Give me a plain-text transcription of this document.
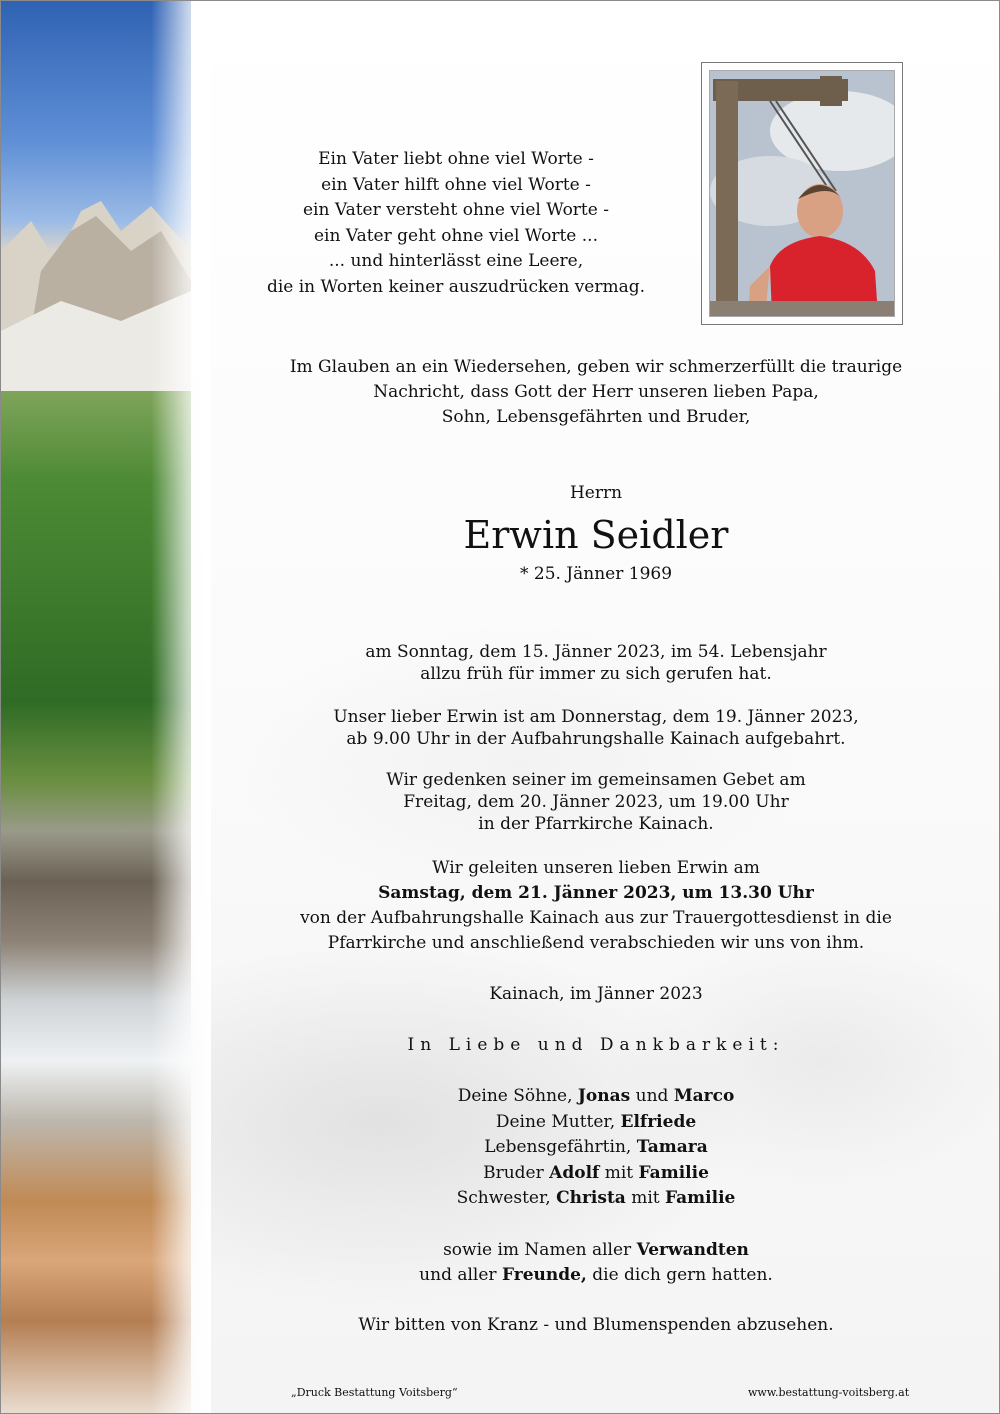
Ein Vater liebt ohne viel Worte -
ein Vater hilft ohne viel Worte -
ein Vater versteht ohne viel Worte -
ein Vater geht ohne viel Worte ...
... und hinterlässt eine Leere,
die in Worten keiner auszudrücken vermag.
Im Glauben an ein Wiedersehen, geben wir schmerzerfüllt die traurige
Nachricht, dass Gott der Herr unseren lieben Papa,
Sohn, Lebensgefährten und Bruder,
Herrn
Erwin Seidler
* 25. Jänner 1969
am Sonntag, dem 15. Jänner 2023, im 54. Lebensjahr
allzu früh für immer zu sich gerufen hat.
Unser lieber Erwin ist am Donnerstag, dem 19. Jänner 2023,
ab 9.00 Uhr in der Aufbahrungshalle Kainach aufgebahrt.
Wir gedenken seiner im gemeinsamen Gebet am
Freitag, dem 20. Jänner 2023, um 19.00 Uhr
in der Pfarrkirche Kainach.
Wir geleiten unseren lieben Erwin am
Samstag, dem 21. Jänner 2023, um 13.30 Uhr
von der Aufbahrungshalle Kainach aus zur Trauergottesdienst in die
Pfarrkirche und anschließend verabschieden wir uns von ihm.
Kainach, im Jänner 2023
In Liebe und Dankbarkeit:
Deine Söhne, Jonas und Marco
Deine Mutter, Elfriede
Lebensgefährtin, Tamara
Bruder Adolf mit Familie
Schwester, Christa mit Familie
sowie im Namen aller Verwandten
und aller Freunde, die dich gern hatten.
Wir bitten von Kranz - und Blumenspenden abzusehen.
„Druck Bestattung Voitsberg“	www.bestattung-voitsberg.at
